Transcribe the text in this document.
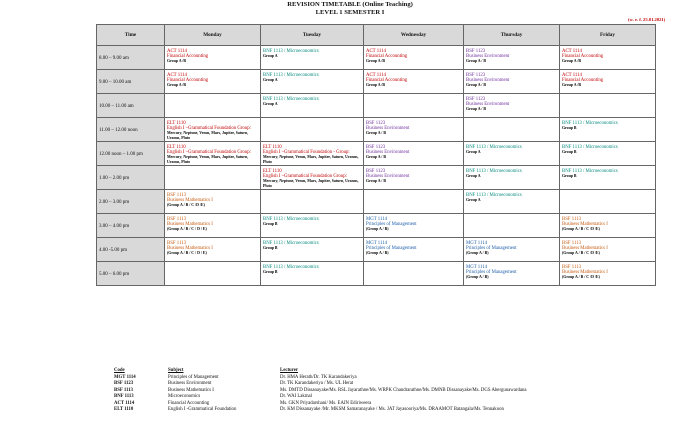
REVISION TIMETABLE (Online Teaching)
LEVEL 1 SEMESTER I
(w. e. f. 25.01.2021)
Time	Monday	Tuesday	Wednesday	Thursday	Friday
8.00 – 9.00 am	ACT 1114
Financial Accounting
Group A /B	BNF 1113 / Microeconomics
Group A	ACT 1114
Financial Accounting
Group A /B	BSF 1123
Business Environment
Group A / B	ACT 1114
Financial Accounting
Group A /B

9.00 – 10.00 am	ACT 1114
Financial Accounting
Group A /B	BNF 1113 / Microeconomics
Group A	ACT 1114
Financial Accounting
Group A /B	BSF 1123
Business Environment
Group A / B	ACT 1114
Financial Accounting
Group A /B

10.00 – 11.00 am		BNF 1113 / Microeconomics
Group A		BSF 1123
Business Environment
Group A / B	

11.00 – 12.00 noon	ELT 1110
English I –Grammatical Foundation Group:
Mercury, Neptune, Venus, Mars, Jupiter, Saturn, Uranus, Pluto		BSF 1123
Business Environment
Group A / B		BNF 1113 / Microeconomics
Group B

12.00 noon – 1.00 pm	ELT 1110
English I –Grammatical Foundation Group:
Mercury, Neptune, Venus, Mars, Jupiter, Saturn, Uranus, Pluto	ELT 1110
English I –Grammatical Foundation - Group:
Mercury, Neptune, Venus, Mars, Jupiter, Saturn, Uranus, Pluto	BSF 1123
Business Environment
Group A / B	BNF 1113 / Microeconomics
Group A	BNF 1113 / Microeconomics
Group B

1.00 – 2.00 pm		ELT 1110
English I –Grammatical Foundation Group:
Mercury, Neptune, Venus, Mars, Jupiter, Saturn, Uranus, Pluto	BSF 1123
Business Environment
Group A / B	BNF 1113 / Microeconomics
Group A	BNF 1113 / Microeconomics
Group B

2.00 – 3.00 pm	BSF 1113
Business Mathematics I
(Group A / B / C /D /E)			BNF 1113 / Microeconomics
Group A	

3.00 – 4.00 pm	BSF 1113
Business Mathematics I
(Group A / B / C / D / E)	BNF 1113 / Microeconomics
Group B	MGT 1114
Principles of Management
(Group A / B)		BSF 1113
Business Mathematics I
(Group A / B / C /D /E)

4.00 -5.00 pm	BSF 1113
Business Mathematics I
(Group A / B / C / D / E)	BNF 1113 / Microeconomics
Group B	MGT 1114
Principles of Management
(Group A / B)	MGT 1114
Principles of Management
(Group A / B)	BSF 1113
Business Mathematics I
(Group A / B / C /D /E)

5.00 – 6.00 pm		BNF 1113 / Microeconomics
Group B		MGT 1114
Principles of Management
(Group A / B)	BSF 1113
Business Mathematics I
(Group A / B / C /D /E)
Code	Subject	Lecturer
MGT 1114	Principles of Management	Dr. HMA Herath/Dr. TK Karandakeriya
BSF 1123	Business Environment	Dr. TK Karandakeriya / Ms. UL Herat
BSF 1113	Business Mathematics I	Ms. DMTD Dissanayake/Ms. RSL Jayarathne/Ms. WRPK Chandrarathne/Ms. DMNB Dissanayake/Ms. DGS Abergunawardana
BNF 1113	Microeconomics	Dr. WAI Lakmal
ACT 1114	Financial Accounting	Ms. GKN Priyadarshani/ Ms. EAIN Ediriweera
ELT 1110	English I -Grammatical Foundation	Dr. KM Dissanayake /Mr. MKSM Samaranayake / Ms. JAT Jayasooriya/Ms. DRAAMOT Batangala/Ms. Tennakoon
